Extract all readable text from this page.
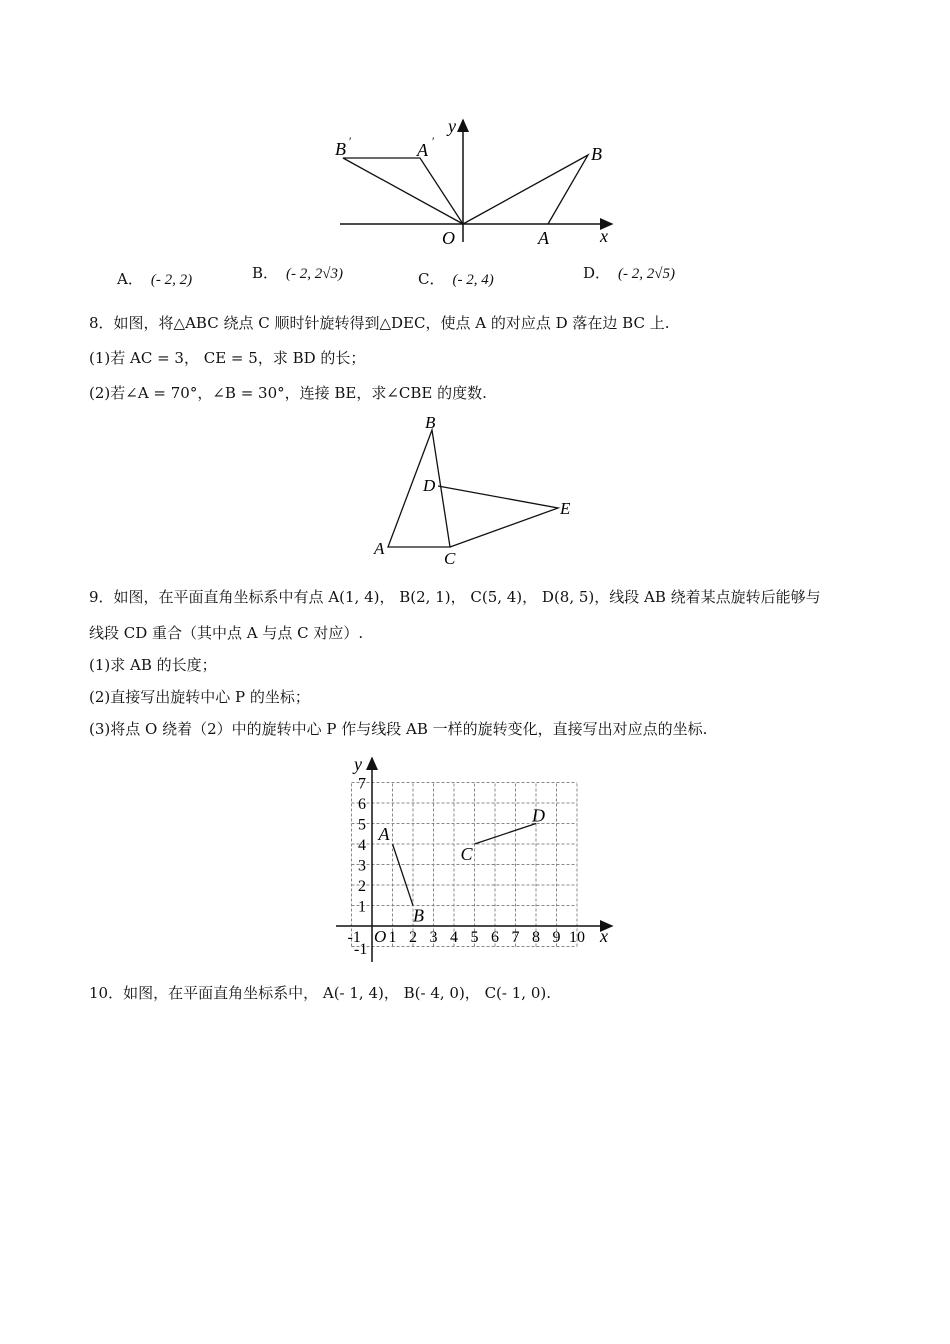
B ′	A ′
B
A
O	x
y
A． (- 2, 2)	B． (- 2, 2√3)	C． (- 2, 4)	D． (- 2, 2√5)
8．如图，将△ABC 绕点 C 顺时针旋转得到△DEC，使点 A 的对应点 D 落在边 BC 上.
(1)若 AC = 3， CE = 5，求 BD 的长；
(2)若∠A = 70°，∠B = 30°，连接 BE，求∠CBE 的度数.
B
A
C
D
E
9．如图，在平面直角坐标系中有点 A(1, 4)， B(2, 1)， C(5, 4)， D(8, 5)，线段 AB 绕着某点旋转后能够与
线段 CD 重合（其中点 A 与点 C 对应）.
(1)求 AB 的长度；
(2)直接写出旋转中心 P 的坐标；
(3)将点 O 绕着（2）中的旋转中心 P 作与线段 AB 一样的旋转变化，直接写出对应点的坐标.
-1 1 2 3 4 5 6 7 8 9 10
1
2
3
4
5
6
7
-1
O	x
y
A
B
C
D
10．如图，在平面直角坐标系中， A(- 1, 4)， B(- 4, 0)， C(- 1, 0).
